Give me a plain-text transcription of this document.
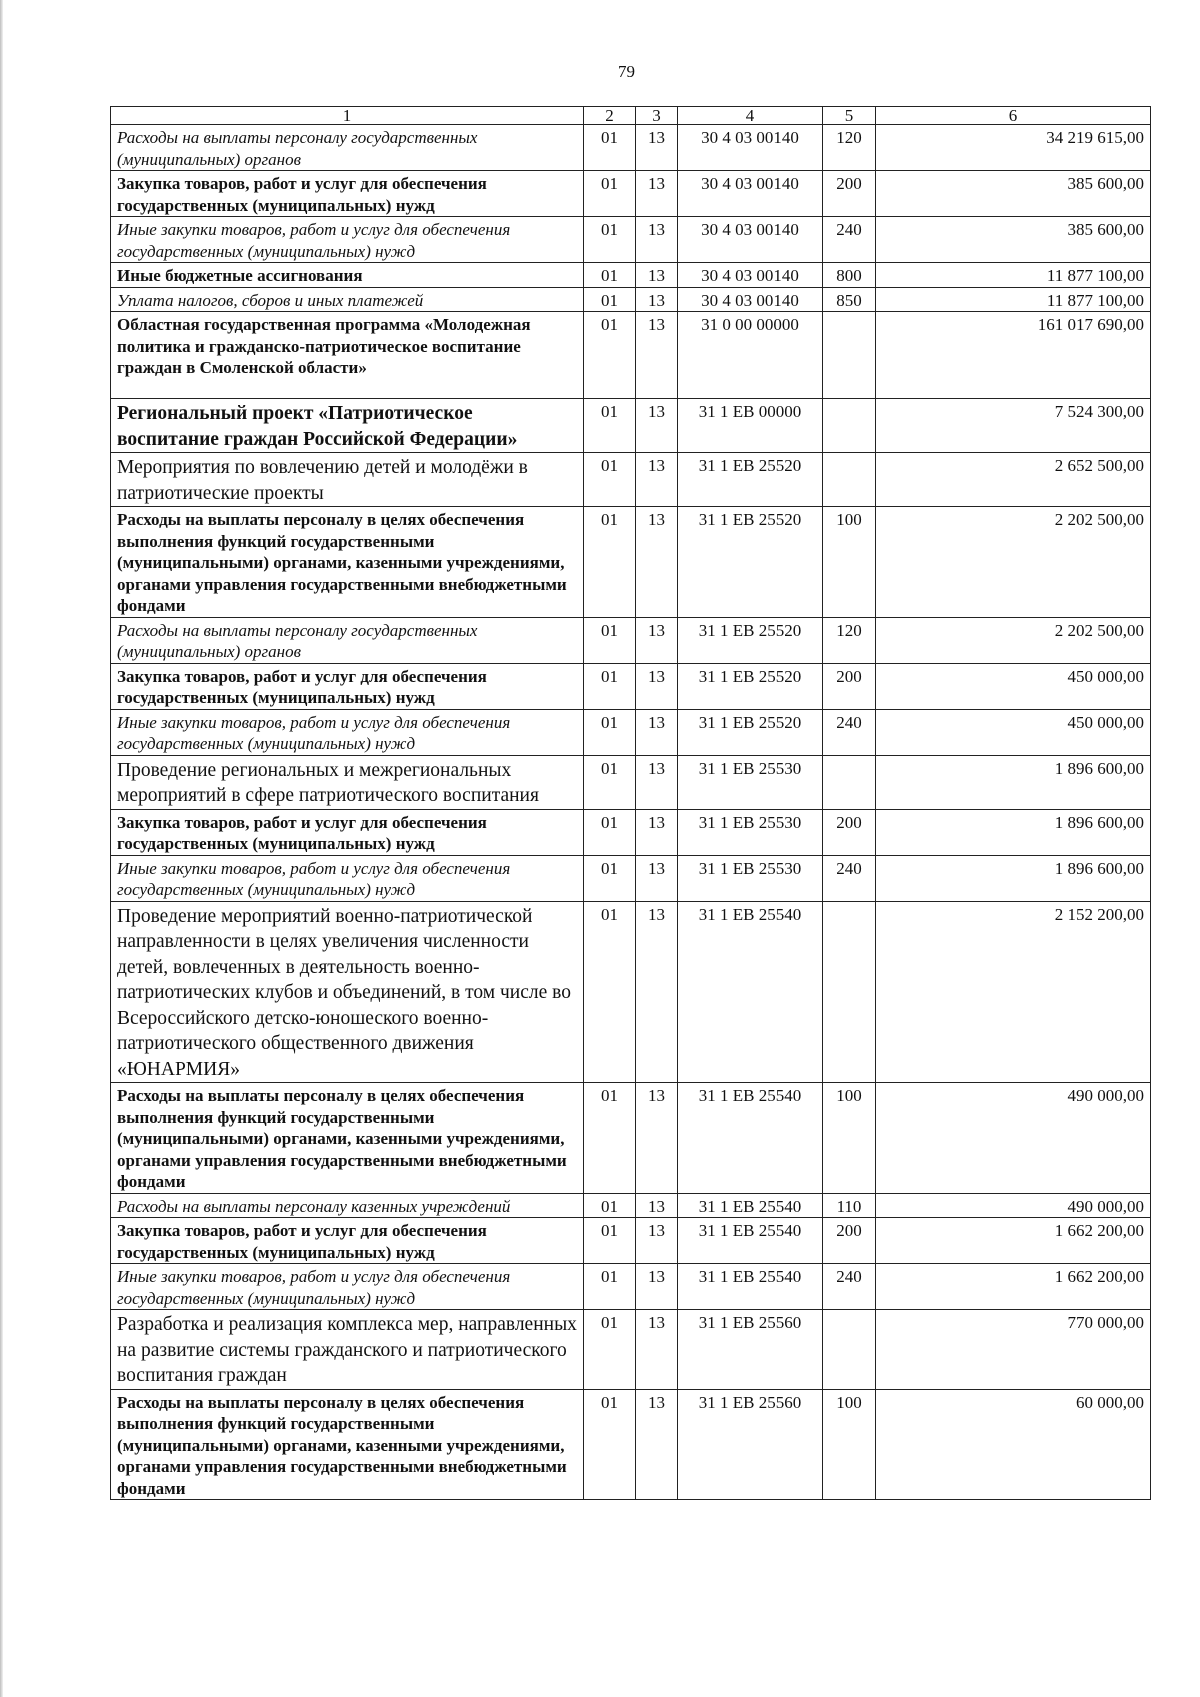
79
1	2	3	4	5	6
Расходы на выплаты персоналу государственных (муниципальных) органов	01	13	30 4 03 00140	120	34 219 615,00
Закупка товаров, работ и услуг для обеспечения государственных (муниципальных) нужд	01	13	30 4 03 00140	200	385 600,00
Иные закупки товаров, работ и услуг для обеспечения государственных (муниципальных) нужд	01	13	30 4 03 00140	240	385 600,00
Иные бюджетные ассигнования	01	13	30 4 03 00140	800	11 877 100,00
Уплата налогов, сборов и иных платежей	01	13	30 4 03 00140	850	11 877 100,00
Областная государственная программа «Молодежная политика и гражданско-патриотическое воспитание граждан в Смоленской области»	01	13	31 0 00 00000		161 017 690,00
Региональный проект «Патриотическое воспитание граждан Российской Федерации»	01	13	31 1 EB 00000		7 524 300,00
Мероприятия по вовлечению детей и молодёжи в патриотические проекты	01	13	31 1 EB 25520		2 652 500,00
Расходы на выплаты персоналу в целях обеспечения выполнения функций государственными (муниципальными) органами, казенными учреждениями, органами управления государственными внебюджетными фондами	01	13	31 1 EB 25520	100	2 202 500,00
Расходы на выплаты персоналу государственных (муниципальных) органов	01	13	31 1 EB 25520	120	2 202 500,00
Закупка товаров, работ и услуг для обеспечения государственных (муниципальных) нужд	01	13	31 1 EB 25520	200	450 000,00
Иные закупки товаров, работ и услуг для обеспечения государственных (муниципальных) нужд	01	13	31 1 EB 25520	240	450 000,00
Проведение региональных и межрегиональных мероприятий в сфере патриотического воспитания	01	13	31 1 EB 25530		1 896 600,00
Закупка товаров, работ и услуг для обеспечения государственных (муниципальных) нужд	01	13	31 1 EB 25530	200	1 896 600,00
Иные закупки товаров, работ и услуг для обеспечения государственных (муниципальных) нужд	01	13	31 1 EB 25530	240	1 896 600,00
Проведение мероприятий военно-патриотической направленности в целях увеличения численности детей, вовлеченных в деятельность военно-патриотических клубов и объединений, в том числе во Всероссийского детско-юношеского военно-патриотического общественного движения «ЮНАРМИЯ»	01	13	31 1 EB 25540		2 152 200,00
Расходы на выплаты персоналу в целях обеспечения выполнения функций государственными (муниципальными) органами, казенными учреждениями, органами управления государственными внебюджетными фондами	01	13	31 1 EB 25540	100	490 000,00
Расходы на выплаты персоналу казенных учреждений	01	13	31 1 EB 25540	110	490 000,00
Закупка товаров, работ и услуг для обеспечения государственных (муниципальных) нужд	01	13	31 1 EB 25540	200	1 662 200,00
Иные закупки товаров, работ и услуг для обеспечения государственных (муниципальных) нужд	01	13	31 1 EB 25540	240	1 662 200,00
Разработка и реализация комплекса мер, направленных на развитие системы гражданского и патриотического воспитания граждан	01	13	31 1 EB 25560		770 000,00
Расходы на выплаты персоналу в целях обеспечения выполнения функций государственными (муниципальными) органами, казенными учреждениями, органами управления государственными внебюджетными фондами	01	13	31 1 EB 25560	100	60 000,00
